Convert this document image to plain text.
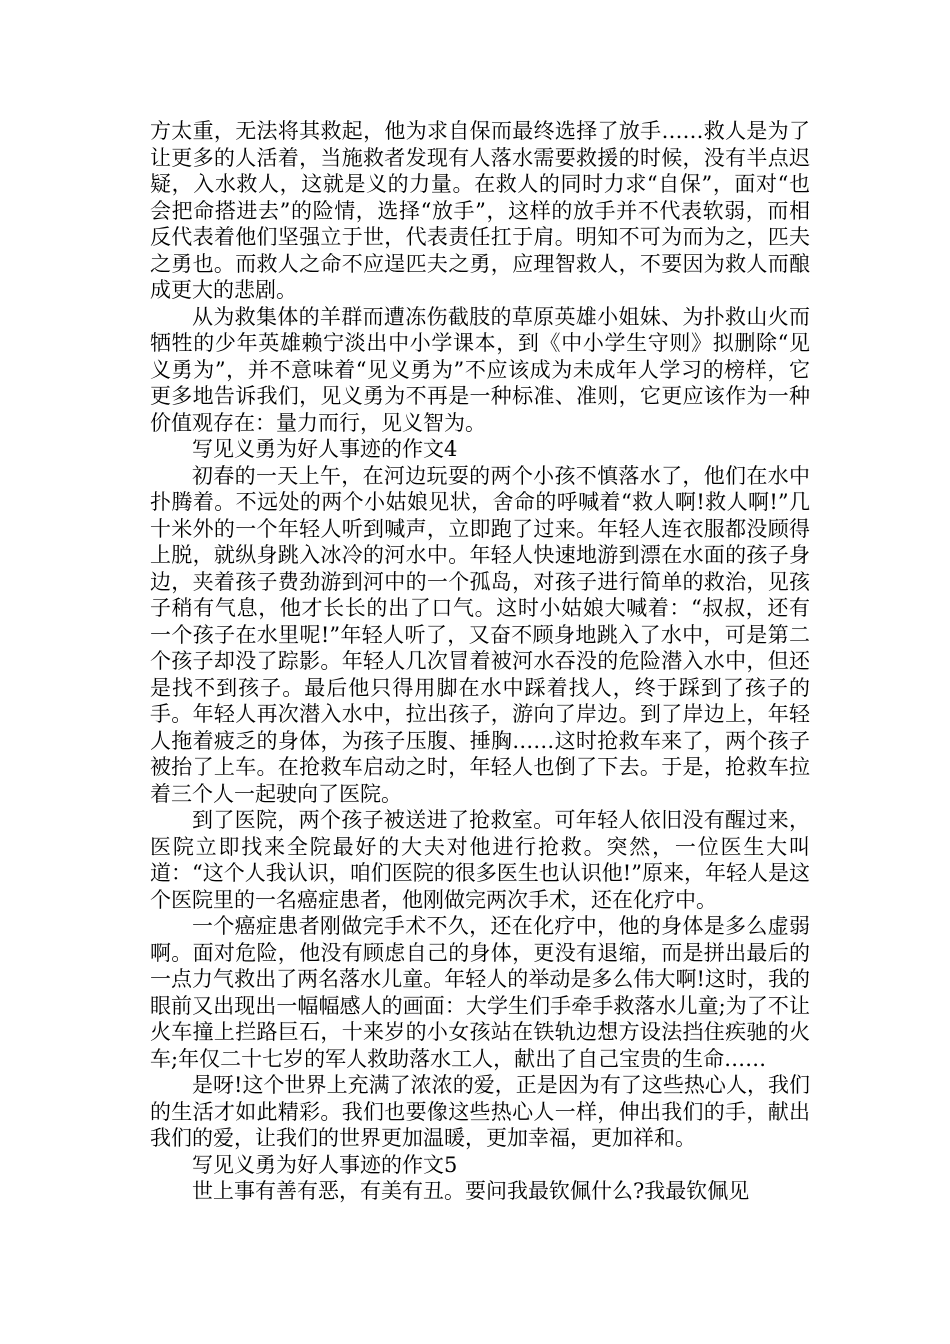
方太重，无法将其救起，他为求自保而最终选择了放手……救人是为了让更多的人活着，当施救者发现有人落水需要救援的时候，没有半点迟疑，入水救人，这就是义的力量。在救人的同时力求“自保”，面对“也会把命搭进去”的险情，选择“放手”，这样的放手并不代表软弱，而相反代表着他们坚强立于世，代表责任扛于肩。明知不可为而为之，匹夫之勇也。而救人之命不应逞匹夫之勇，应理智救人，不要因为救人而酿成更大的悲剧。

从为救集体的羊群而遭冻伤截肢的草原英雄小姐妹、为扑救山火而牺牲的少年英雄赖宁淡出中小学课本，到《中小学生守则》拟删除“见义勇为”，并不意味着“见义勇为”不应该成为未成年人学习的榜样，它更多地告诉我们，见义勇为不再是一种标准、准则，它更应该作为一种价值观存在：量力而行，见义智为。

写见义勇为好人事迹的作文4

初春的一天上午，在河边玩耍的两个小孩不慎落水了，他们在水中扑腾着。不远处的两个小姑娘见状，舍命的呼喊着“救人啊!救人啊!”几十米外的一个年轻人听到喊声，立即跑了过来。年轻人连衣服都没顾得上脱，就纵身跳入冰冷的河水中。年轻人快速地游到漂在水面的孩子身边，夹着孩子费劲游到河中的一个孤岛，对孩子进行简单的救治，见孩子稍有气息，他才长长的出了口气。这时小姑娘大喊着：“叔叔，还有一个孩子在水里呢!”年轻人听了，又奋不顾身地跳入了水中，可是第二个孩子却没了踪影。年轻人几次冒着被河水吞没的危险潜入水中，但还是找不到孩子。最后他只得用脚在水中踩着找人，终于踩到了孩子的手。年轻人再次潜入水中，拉出孩子，游向了岸边。到了岸边上，年轻人拖着疲乏的身体，为孩子压腹、捶胸……这时抢救车来了，两个孩子被抬了上车。在抢救车启动之时，年轻人也倒了下去。于是，抢救车拉着三个人一起驶向了医院。

到了医院，两个孩子被送进了抢救室。可年轻人依旧没有醒过来，医院立即找来全院最好的大夫对他进行抢救。突然，一位医生大叫道：“这个人我认识，咱们医院的很多医生也认识他!”原来，年轻人是这个医院里的一名癌症患者，他刚做完两次手术，还在化疗中。

一个癌症患者刚做完手术不久，还在化疗中，他的身体是多么虚弱啊。面对危险，他没有顾虑自己的身体，更没有退缩，而是拼出最后的一点力气救出了两名落水儿童。年轻人的举动是多么伟大啊!这时，我的眼前又出现出一幅幅感人的画面：大学生们手牵手救落水儿童;为了不让火车撞上拦路巨石，十来岁的小女孩站在铁轨边想方设法挡住疾驰的火车;年仅二十七岁的军人救助落水工人，献出了自己宝贵的生命……

是呀!这个世界上充满了浓浓的爱，正是因为有了这些热心人，我们的生活才如此精彩。我们也要像这些热心人一样，伸出我们的手，献出我们的爱，让我们的世界更加温暖，更加幸福，更加祥和。

写见义勇为好人事迹的作文5

世上事有善有恶，有美有丑。要问我最钦佩什么?我最钦佩见
